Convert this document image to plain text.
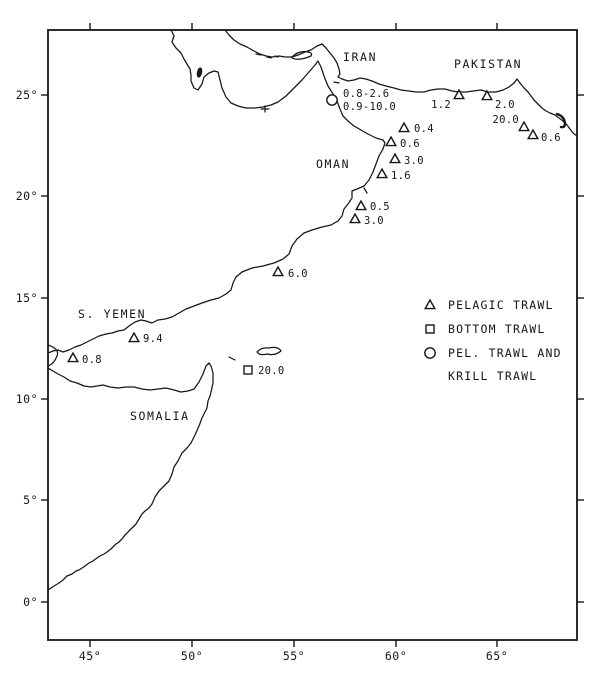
25°
20°
15°
10°
5°
0°
45°	50°	55°	60°	65°
IRAN	PAKISTAN
OMAN
S. YEMEN
SOMALIA
0.8-2.6
0.9-10.0	1.2	2.0
20.0
0.6
0.4
0.6
3.0
1.6
0.5
3.0
6.0
9.4
0.8
20.0
PELAGIC TRAWL
BOTTOM TRAWL
PEL. TRAWL AND
KRILL TRAWL
